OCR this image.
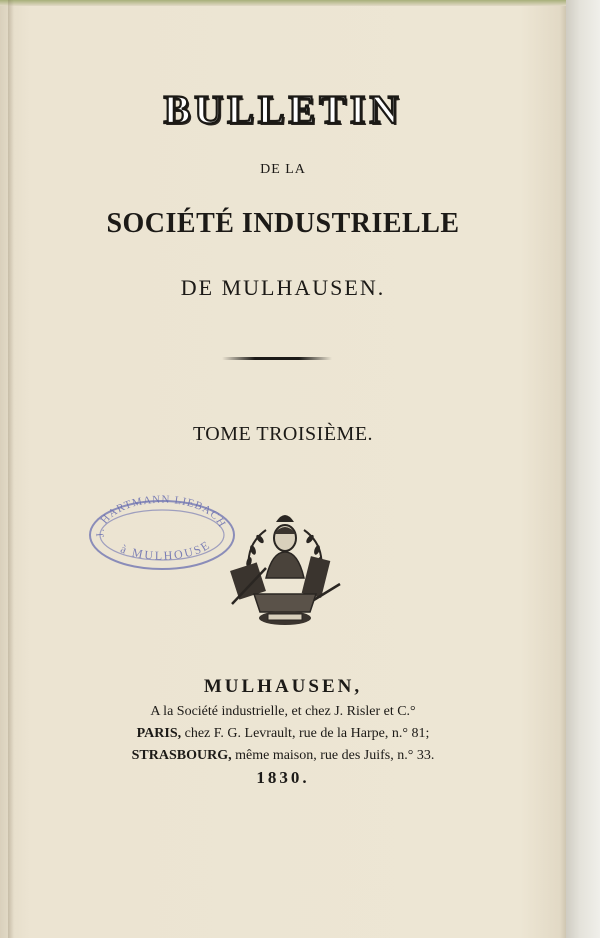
BULLETIN
DE LA
SOCIÉTÉ INDUSTRIELLE
DE MULHAUSEN.
TOME TROISIÈME.
J. HARTMANN LIEBACH
à MULHOUSE
MULHAUSEN,
A la Société industrielle, et chez J. Risler et C.°
PARIS, chez F. G. Levrault, rue de la Harpe, n.° 81;
STRASBOURG, même maison, rue des Juifs, n.° 33.
1830.
